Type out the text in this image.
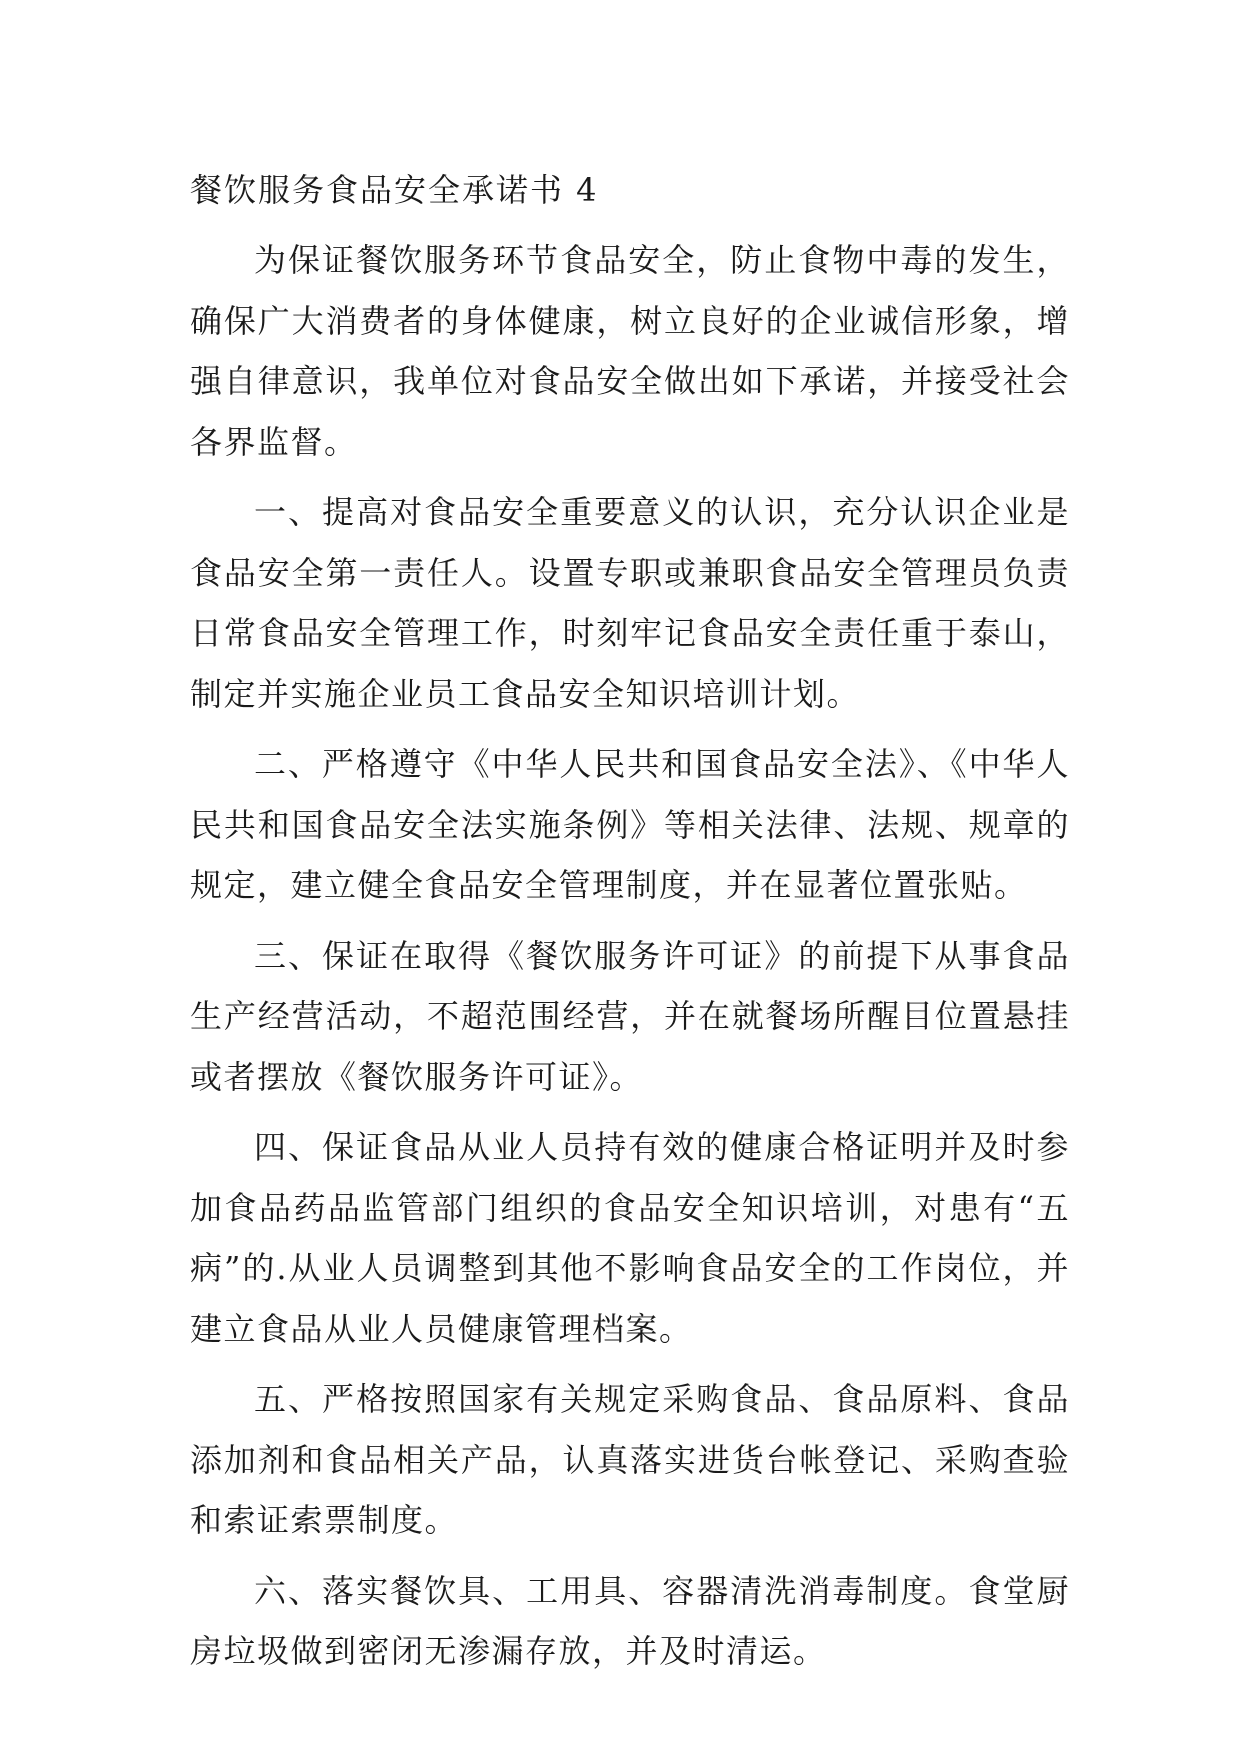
餐饮服务食品安全承诺书 4

为保证餐饮服务环节食品安全，防止食物中毒的发生，确保广大消费者的身体健康，树立良好的企业诚信形象，增强自律意识，我单位对食品安全做出如下承诺，并接受社会各界监督。

一、提高对食品安全重要意义的认识，充分认识企业是食品安全第一责任人。设置专职或兼职食品安全管理员负责日常食品安全管理工作，时刻牢记食品安全责任重于泰山，制定并实施企业员工食品安全知识培训计划。

二、严格遵守《中华人民共和国食品安全法》、《中华人民共和国食品安全法实施条例》等相关法律、法规、规章的规定，建立健全食品安全管理制度，并在显著位置张贴。

三、保证在取得《餐饮服务许可证》的前提下从事食品生产经营活动，不超范围经营，并在就餐场所醒目位置悬挂或者摆放《餐饮服务许可证》。

四、保证食品从业人员持有效的健康合格证明并及时参加食品药品监管部门组织的食品安全知识培训，对患有“五病”的.从业人员调整到其他不影响食品安全的工作岗位，并建立食品从业人员健康管理档案。

五、严格按照国家有关规定采购食品、食品原料、食品添加剂和食品相关产品，认真落实进货台帐登记、采购查验和索证索票制度。

六、落实餐饮具、工用具、容器清洗消毒制度。食堂厨房垃圾做到密闭无渗漏存放，并及时清运。
